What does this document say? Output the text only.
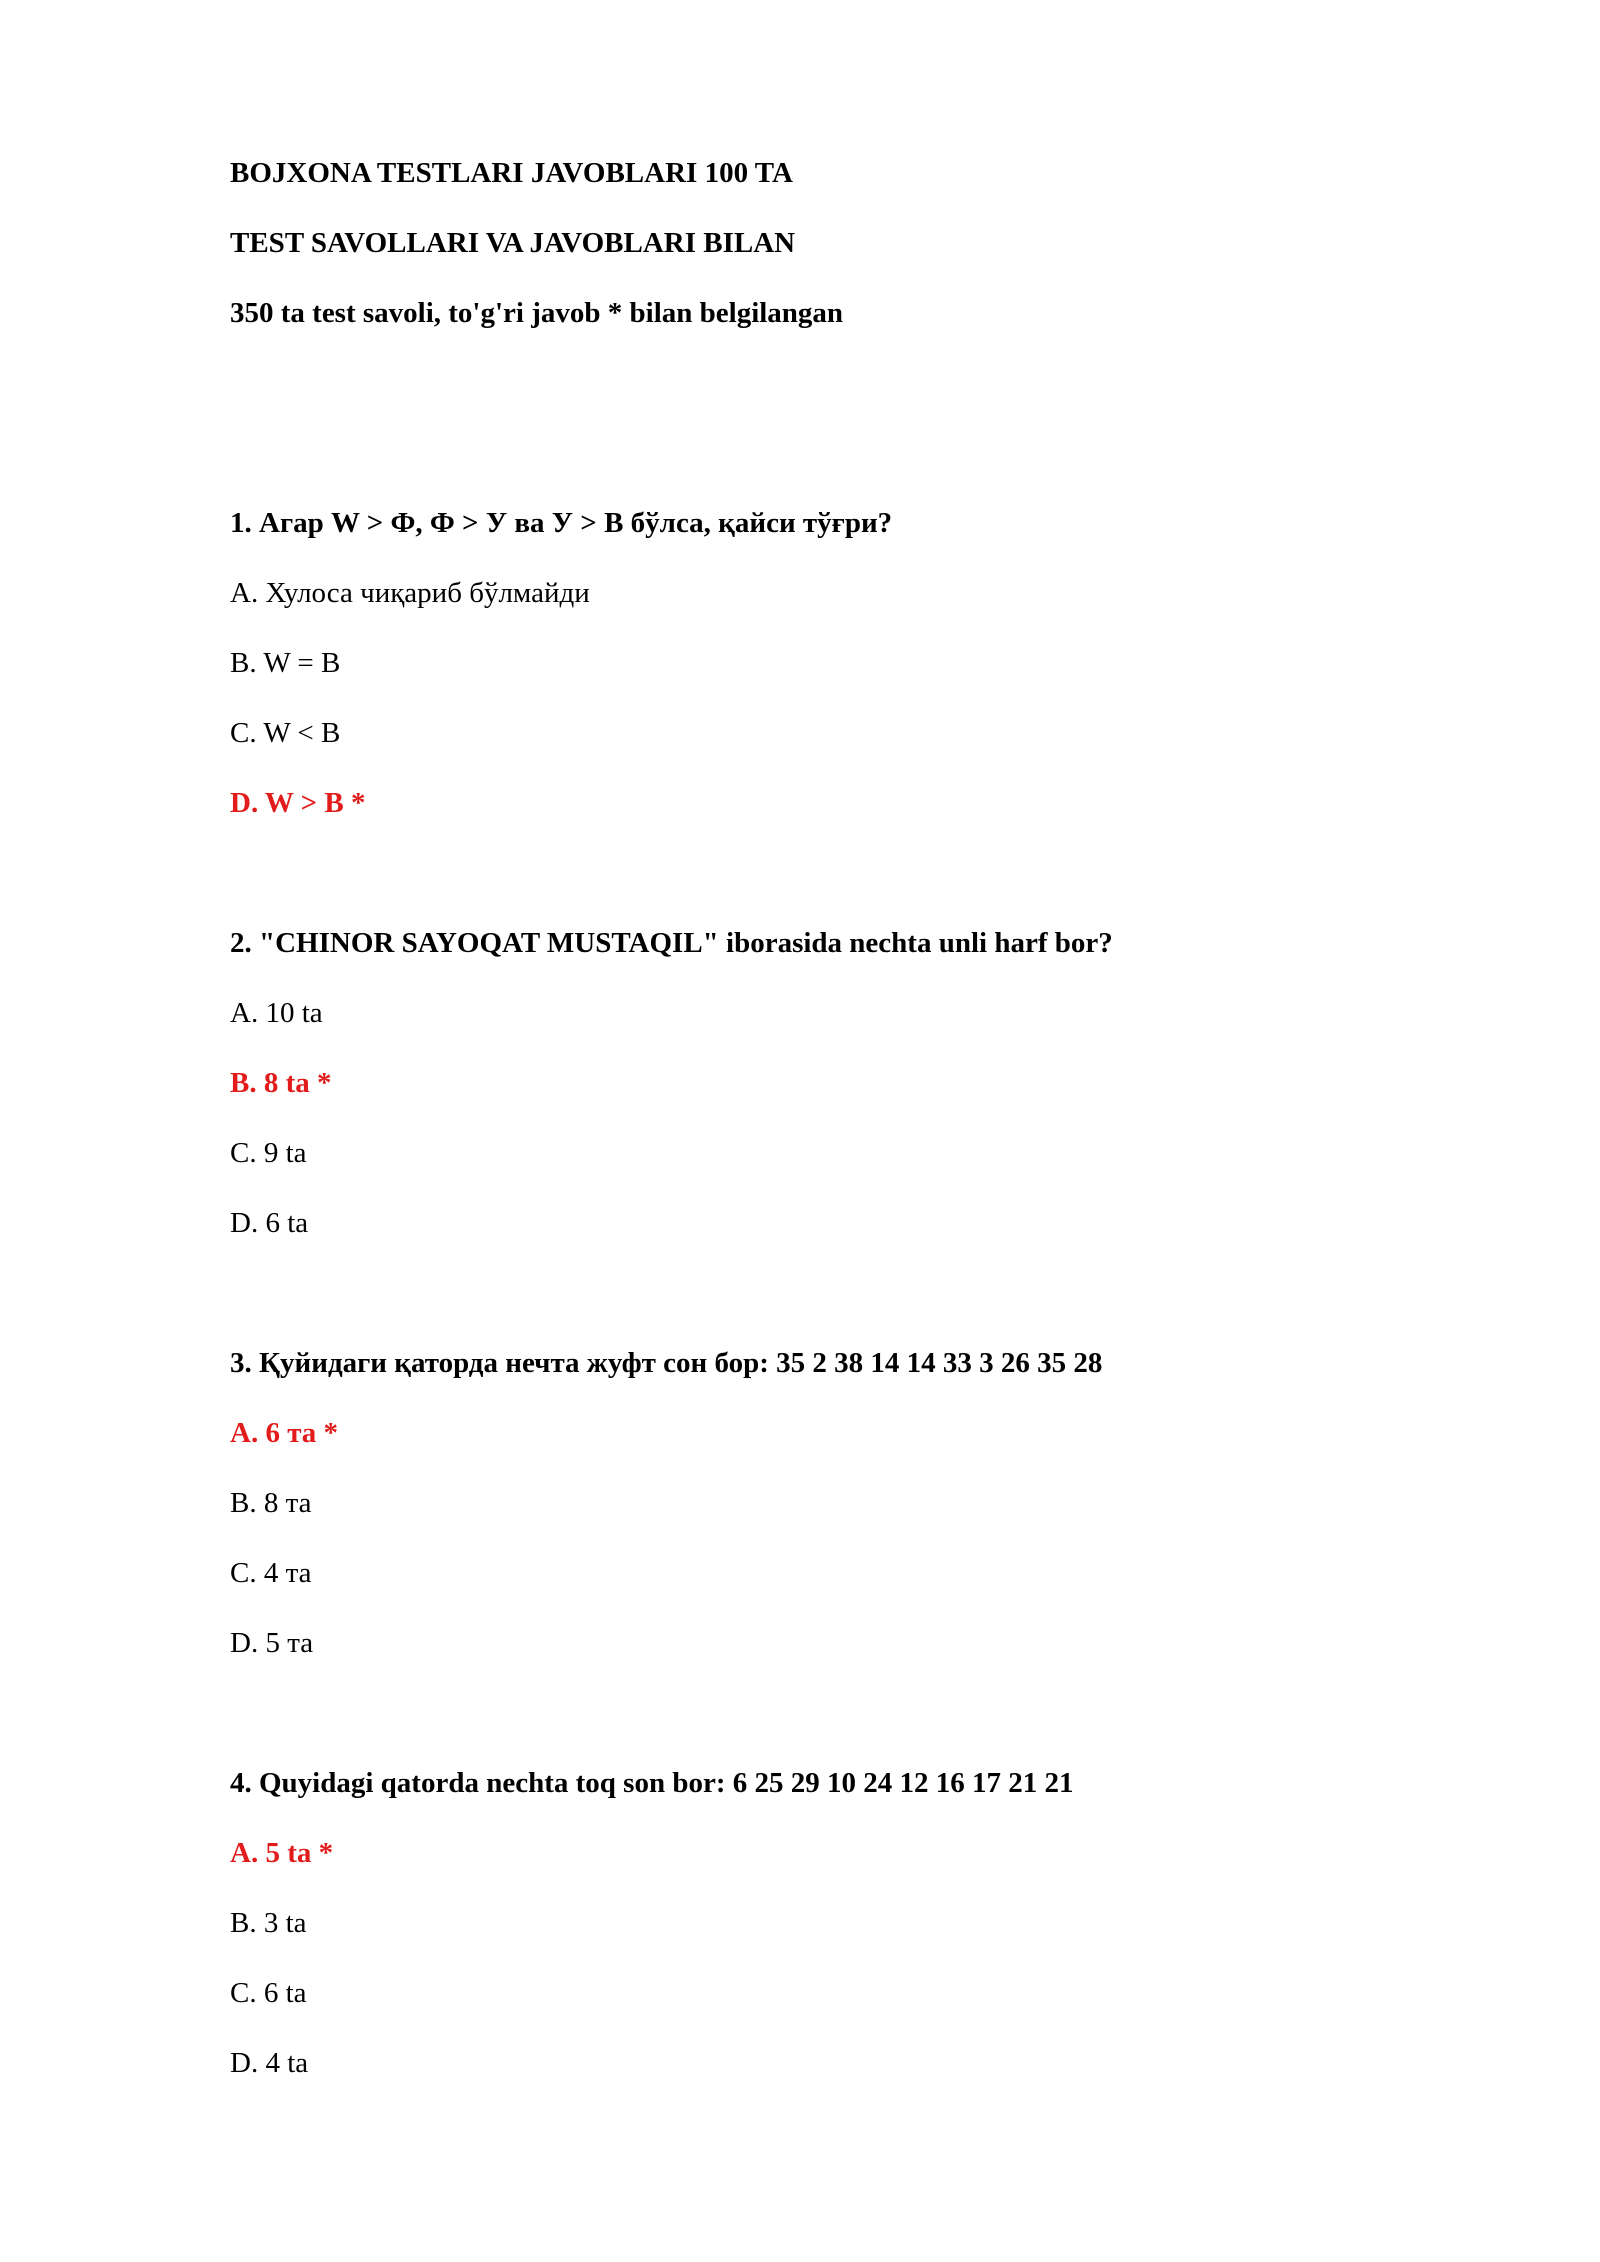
BOJXONA TESTLARI JAVOBLARI 100 TA
TEST SAVOLLARI VA JAVOBLARI BILAN
350 ta test savoli, to'g'ri javob * bilan belgilangan
1. Агар W > Ф, Ф > У ва У > В бўлса, қайси тўғри?
A. Хулоса чиқариб бўлмайди
B. W = B
C. W < B
D. W > B *
2. "CHINOR SAYOQAT MUSTAQIL" iborasida nechta unli harf bor?
A. 10 ta
B. 8 ta *
C. 9 ta
D. 6 ta
3. Қуйидаги қаторда нечта жуфт сон бор: 35 2 38 14 14 33 3 26 35 28
A. 6 та *
B. 8 та
C. 4 та
D. 5 та
4. Quyidagi qatorda nechta toq son bor: 6 25 29 10 24 12 16 17 21 21
A. 5 ta *
B. 3 ta
C. 6 ta
D. 4 ta
